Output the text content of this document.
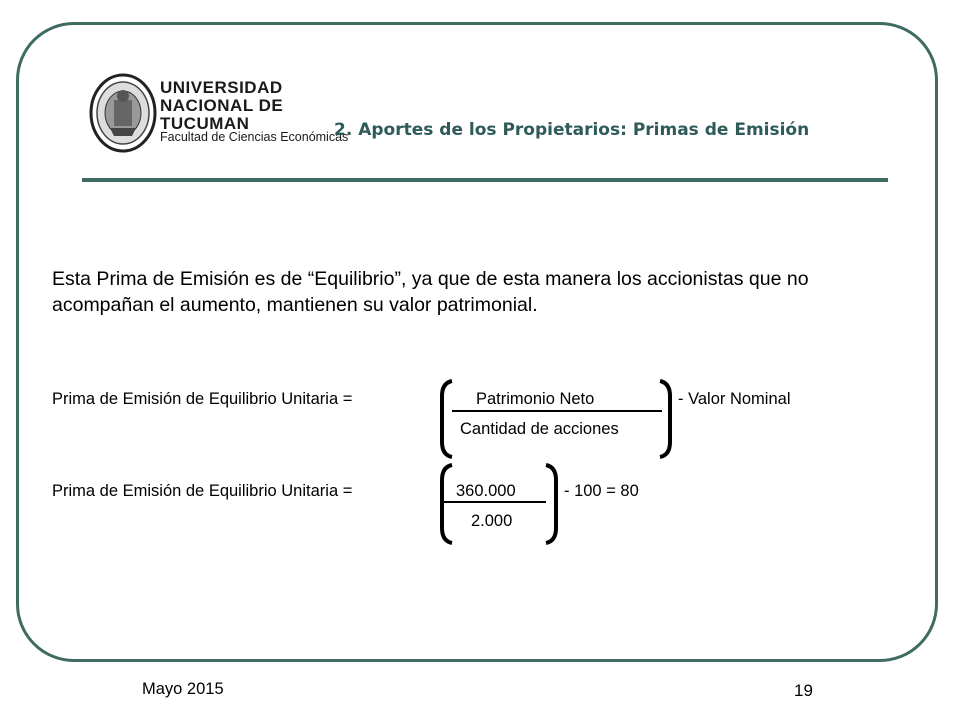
UNIVERSIDAD
NACIONAL DE
TUCUMAN
Facultad de Ciencias Económicas
2. Aportes de los Propietarios: Primas de Emisión
Esta Prima de Emisión es de “Equilibrio”, ya que de esta manera los accionistas que no acompañan el aumento, mantienen su valor patrimonial.
Prima de Emisión de Equilibrio Unitaria =	Patrimonio Neto
Cantidad de acciones
- Valor Nominal
Prima de Emisión de Equilibrio Unitaria =	360.000
2.000
- 100 = 80
Mayo 2015	19
